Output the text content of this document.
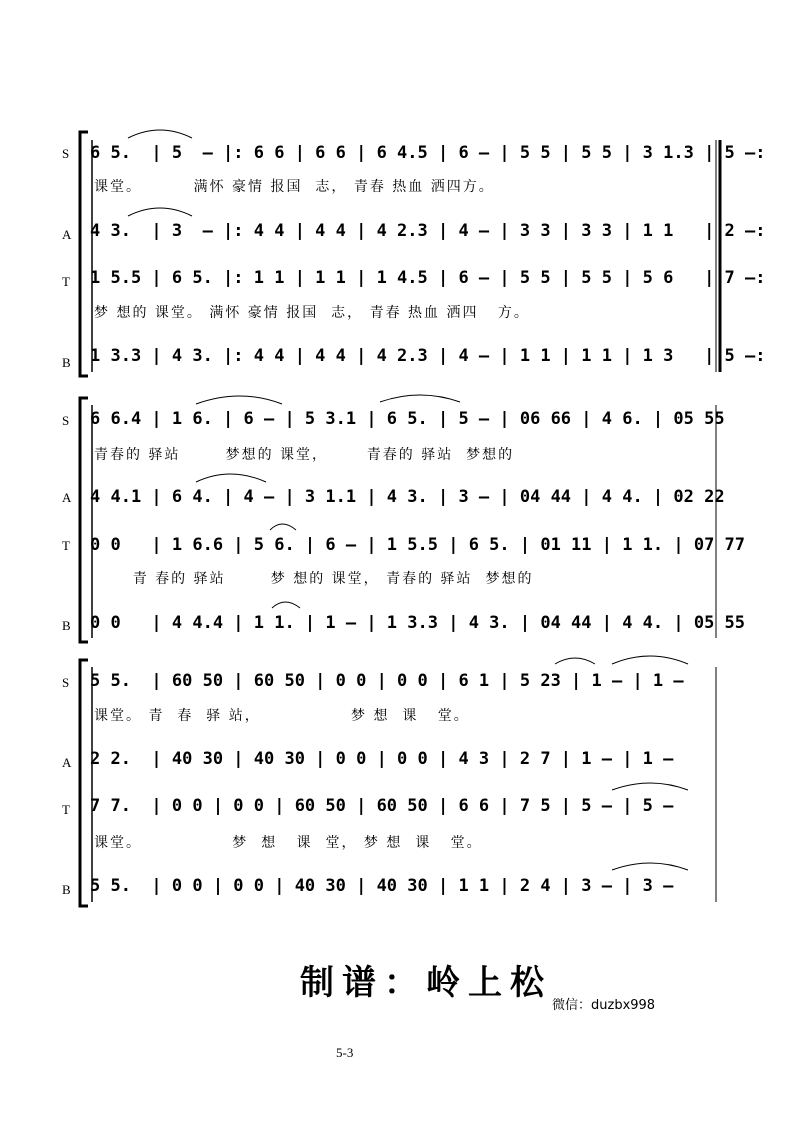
S
A
T
B
6 5.  | 5  – |: 6 6 | 6 6 | 6 4.5 | 6 – | 5 5 | 5 5 | 3 1.3 | 5 –:
课堂。        满怀 豪情 报国  志， 青春 热血 洒四方。
4 3.  | 3  – |: 4 4 | 4 4 | 4 2.3 | 4 – | 3 3 | 3 3 | 1 1   | 2 –:
1 5.5 | 6 5. |: 1 1 | 1 1 | 1 4.5 | 6 – | 5 5 | 5 5 | 5 6   | 7 –:
梦 想的 课堂。 满怀 豪情 报国  志， 青春 热血 洒四   方。
1 3.3 | 4 3. |: 4 4 | 4 4 | 4 2.3 | 4 – | 1 1 | 1 1 | 1 3   | 5 –:
S
A
T
B
6 6.4 | 1 6. | 6 – | 5 3.1 | 6 5. | 5 – | 06 66 | 4 6. | 05 55
青春的 驿站       梦想的 课堂，      青春的 驿站  梦想的
4 4.1 | 6 4. | 4 – | 3 1.1 | 4 3. | 3 – | 04 44 | 4 4. | 02 22
0 0   | 1 6.6 | 5 6. | 6 – | 1 5.5 | 6 5. | 01 11 | 1 1. | 07 77
青 春的 驿站       梦 想的 课堂， 青春的 驿站  梦想的
0 0   | 4 4.4 | 1 1. | 1 – | 1 3.3 | 4 3. | 04 44 | 4 4. | 05 55
S
A
T
B
5 5.  | 60 50 | 60 50 | 0 0 | 0 0 | 6 1 | 5 23 | 1 – | 1 –
课堂。 青  春  驿 站，              梦 想  课   堂。
2 2.  | 40 30 | 40 30 | 0 0 | 0 0 | 4 3 | 2 7 | 1 – | 1 –
7 7.  | 0 0 | 0 0 | 60 50 | 60 50 | 6 6 | 7 5 | 5 – | 5 –
课堂。              梦  想   课  堂， 梦 想  课   堂。
5 5.  | 0 0 | 0 0 | 40 30 | 40 30 | 1 1 | 2 4 | 3 – | 3 –
制谱：岭上松
微信：duzbx998
5-3
